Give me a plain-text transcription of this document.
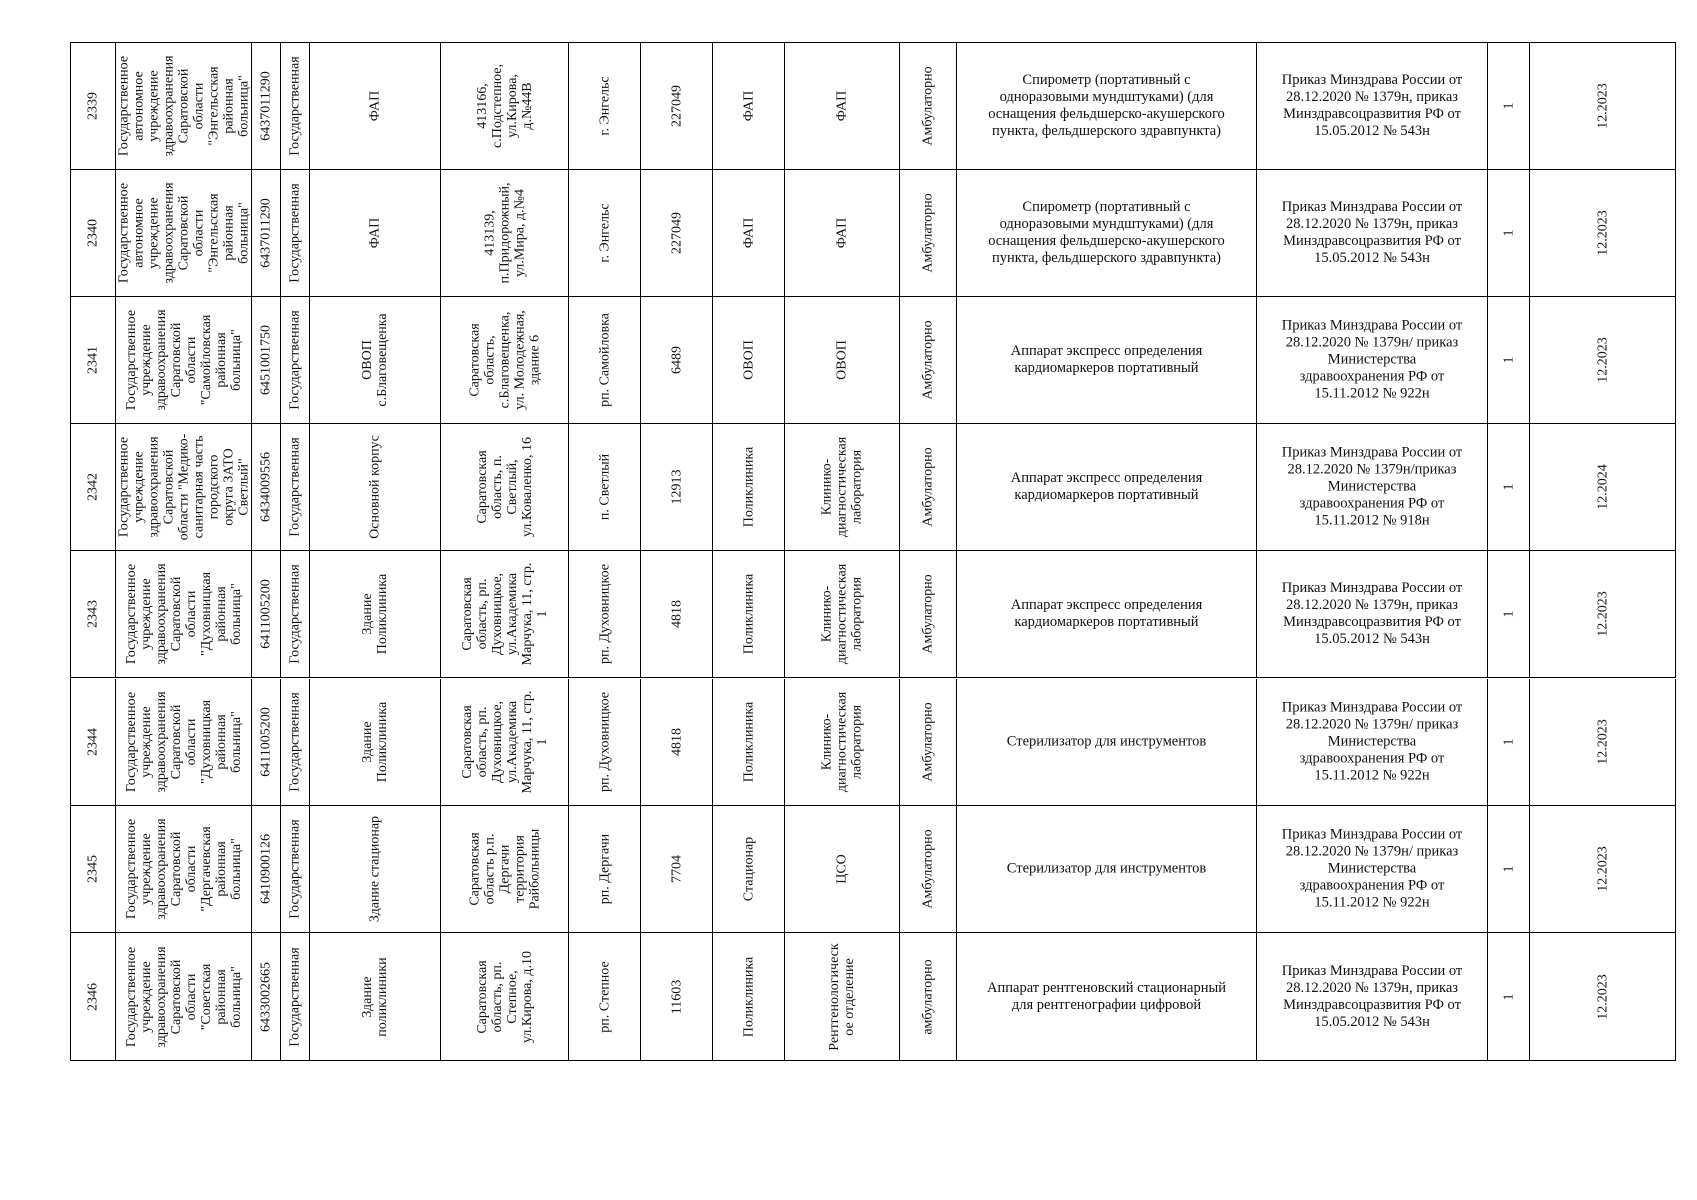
2339 Государственное
автономное
учреждение
здравоохранения
Саратовской
области
"Энгельсская
районная
больница" 6437011290 Государственная	ФАП	413166,
с.Подстепное,
ул.Кирова,
д.№44В	г. Энгельс	227049	ФАП	ФАП	Амбулаторно	Спирометр (портативный с
одноразовыми мундштуками) (для
оснащения фельдшерско-акушерского
пункта, фельдшерского здравпункта)
Приказ Минздрава России от
28.12.2020 № 1379н, приказ
Минздравсоцразвития РФ от
15.05.2012 № 543н
1	12.2023
2340 Государственное
автономное
учреждение
здравоохранения
Саратовской
области
"Энгельсская
районная
больница" 6437011290 Государственная	ФАП	413139,
п.Придорожный,
ул.Мира, д.№4	г. Энгельс	227049	ФАП	ФАП	Амбулаторно	Спирометр (портативный с
одноразовыми мундштуками) (для
оснащения фельдшерско-акушерского
пункта, фельдшерского здравпункта)
Приказ Минздрава России от
28.12.2020 № 1379н, приказ
Минздравсоцразвития РФ от
15.05.2012 № 543н
1	12.2023
2341 Государственное
учреждение
здравоохранения
Саратовской
области
"Самойловская
районная
больница" 6451001750 Государственная	ОВОП
с.Благовещенка	Саратовская
область,
с.Благовещенка,
ул. Молодежная,
здание 6	рп. Самойловка	6489	ОВОП	ОВОП	Амбулаторно	Аппарат экспресс определения
кардиомаркеров портативный
Приказ Минздрава России от
28.12.2020 № 1379н/ приказ
Министерства
здравоохранения РФ от
15.11.2012 № 922н
1	12.2023
2342 Государственное
учреждение
здравоохранения
Саратовской
области "Медико-
санитарная часть
городского
округа ЗАТО
Светлый" 6434009556 Государственная	Основной корпус	Саратовская
область, п.
Светлый,
ул.Коваленко, 16
п. Светлый	12913	Поликлиника	Клинико-
диагностическая
лаборатория	Амбулаторно	Аппарат экспресс определения
кардиомаркеров портативный
Приказ Минздрава России от
28.12.2020 № 1379н/приказ
Министерства
здравоохранения РФ от
15.11.2012 № 918н
1	12.2024
2343 Государственное
учреждение
здравоохранения
Саратовской
области
"Духовницкая
районная
больница" 6411005200 Государственная	Здание
Поликлиника	Саратовская
область, рп.
Духовницкое,
ул.Академика
Марчука, 11, стр.
1	рп. Духовницкое	4818	Поликлиника	Клинико-
диагностическая
лаборатория	Амбулаторно	Аппарат экспресс определения
кардиомаркеров портативный
Приказ Минздрава России от
28.12.2020 № 1379н, приказ
Минздравсоцразвития РФ от
15.05.2012 № 543н
1	12.2023
2344 Государственное
учреждение
здравоохранения
Саратовской
области
"Духовницкая
районная
больница" 6411005200 Государственная	Здание
Поликлиника	Саратовская
область, рп.
Духовницкое,
ул.Академика
Марчука, 11, стр.
1	рп. Духовницкое	4818	Поликлиника	Клинико-
диагностическая
лаборатория	Амбулаторно	Стерилизатор для инструментов
Приказ Минздрава России от
28.12.2020 № 1379н/ приказ
Министерства
здравоохранения РФ от
15.11.2012 № 922н
1	12.2023
2345 Государственное
учреждение
здравоохранения
Саратовской
области
"Дергачевская
районная
больница" 6410900126 Государственная	Здание стационар	Саратовская
область р.п.
Дергачи
территория
Райбольницы	рп. Дергачи	7704	Стационар	ЦСО	Амбулаторно	Стерилизатор для инструментов
Приказ Минздрава России от
28.12.2020 № 1379н/ приказ
Министерства
здравоохранения РФ от
15.11.2012 № 922н
1	12.2023
2346 Государственное
учреждение
здравоохранения
Саратовской
области
"Советская
районная
больница" 6433002665 Государственная	Здание
поликлиники	Саратовская
область, рп.
Степное,
ул.Кирова, д.10	рп. Степное	11603	Поликлиника	Рентгенологическ
ое отделение	амбулаторно	Аппарат рентгеновский стационарный
для рентгенографии цифровой
Приказ Минздрава России от
28.12.2020 № 1379н, приказ
Минздравсоцразвития РФ от
15.05.2012 № 543н
1	12.2023
